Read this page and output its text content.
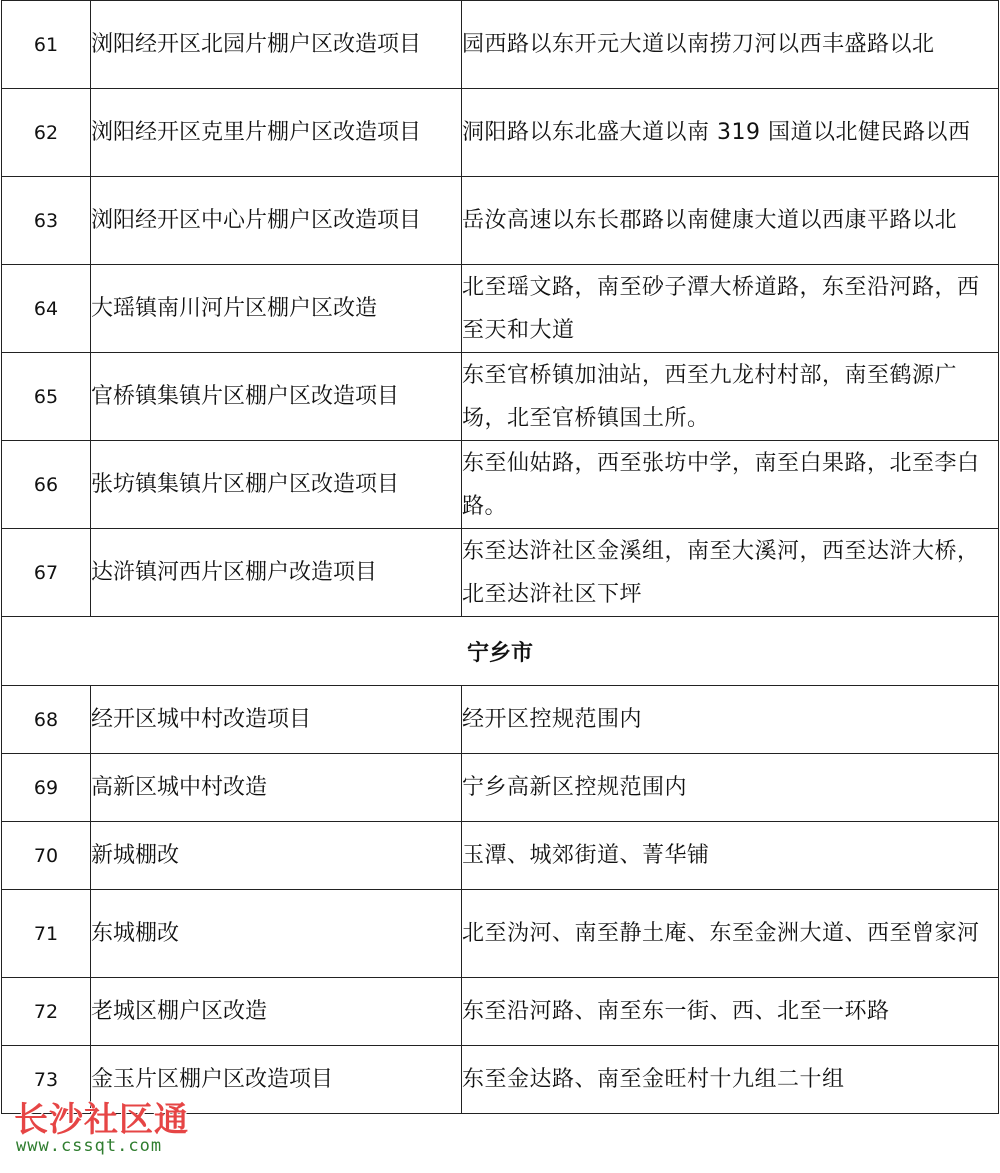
61	浏阳经开区北园片棚户区改造项目	园西路以东开元大道以南捞刀河以西丰盛路以北

62	浏阳经开区克里片棚户区改造项目	洞阳路以东北盛大道以南 319 国道以北健民路以西

63	浏阳经开区中心片棚户区改造项目	岳汝高速以东长郡路以南健康大道以西康平路以北

64	大瑶镇南川河片区棚户区改造	北至瑶文路，南至砂子潭大桥道路，东至沿河路，西至天和大道

65	官桥镇集镇片区棚户区改造项目	东至官桥镇加油站，西至九龙村村部，南至鹤源广场，北至官桥镇国土所。

66	张坊镇集镇片区棚户区改造项目	东至仙姑路，西至张坊中学，南至白果路，北至李白路。

67	达浒镇河西片区棚户改造项目	东至达浒社区金溪组，南至大溪河，西至达浒大桥，北至达浒社区下坪

宁乡市		

68	经开区城中村改造项目	经开区控规范围内

69	高新区城中村改造	宁乡高新区控规范围内

70	新城棚改	玉潭、城郊街道、菁华铺

71	东城棚改	北至沩河、南至静土庵、东至金洲大道、西至曾家河

72	老城区棚户区改造	东至沿河路、南至东一街、西、北至一环路

73	金玉片区棚户区改造项目	东至金达路、南至金旺村十九组二十组
长沙社区通
www.cssqt.com
